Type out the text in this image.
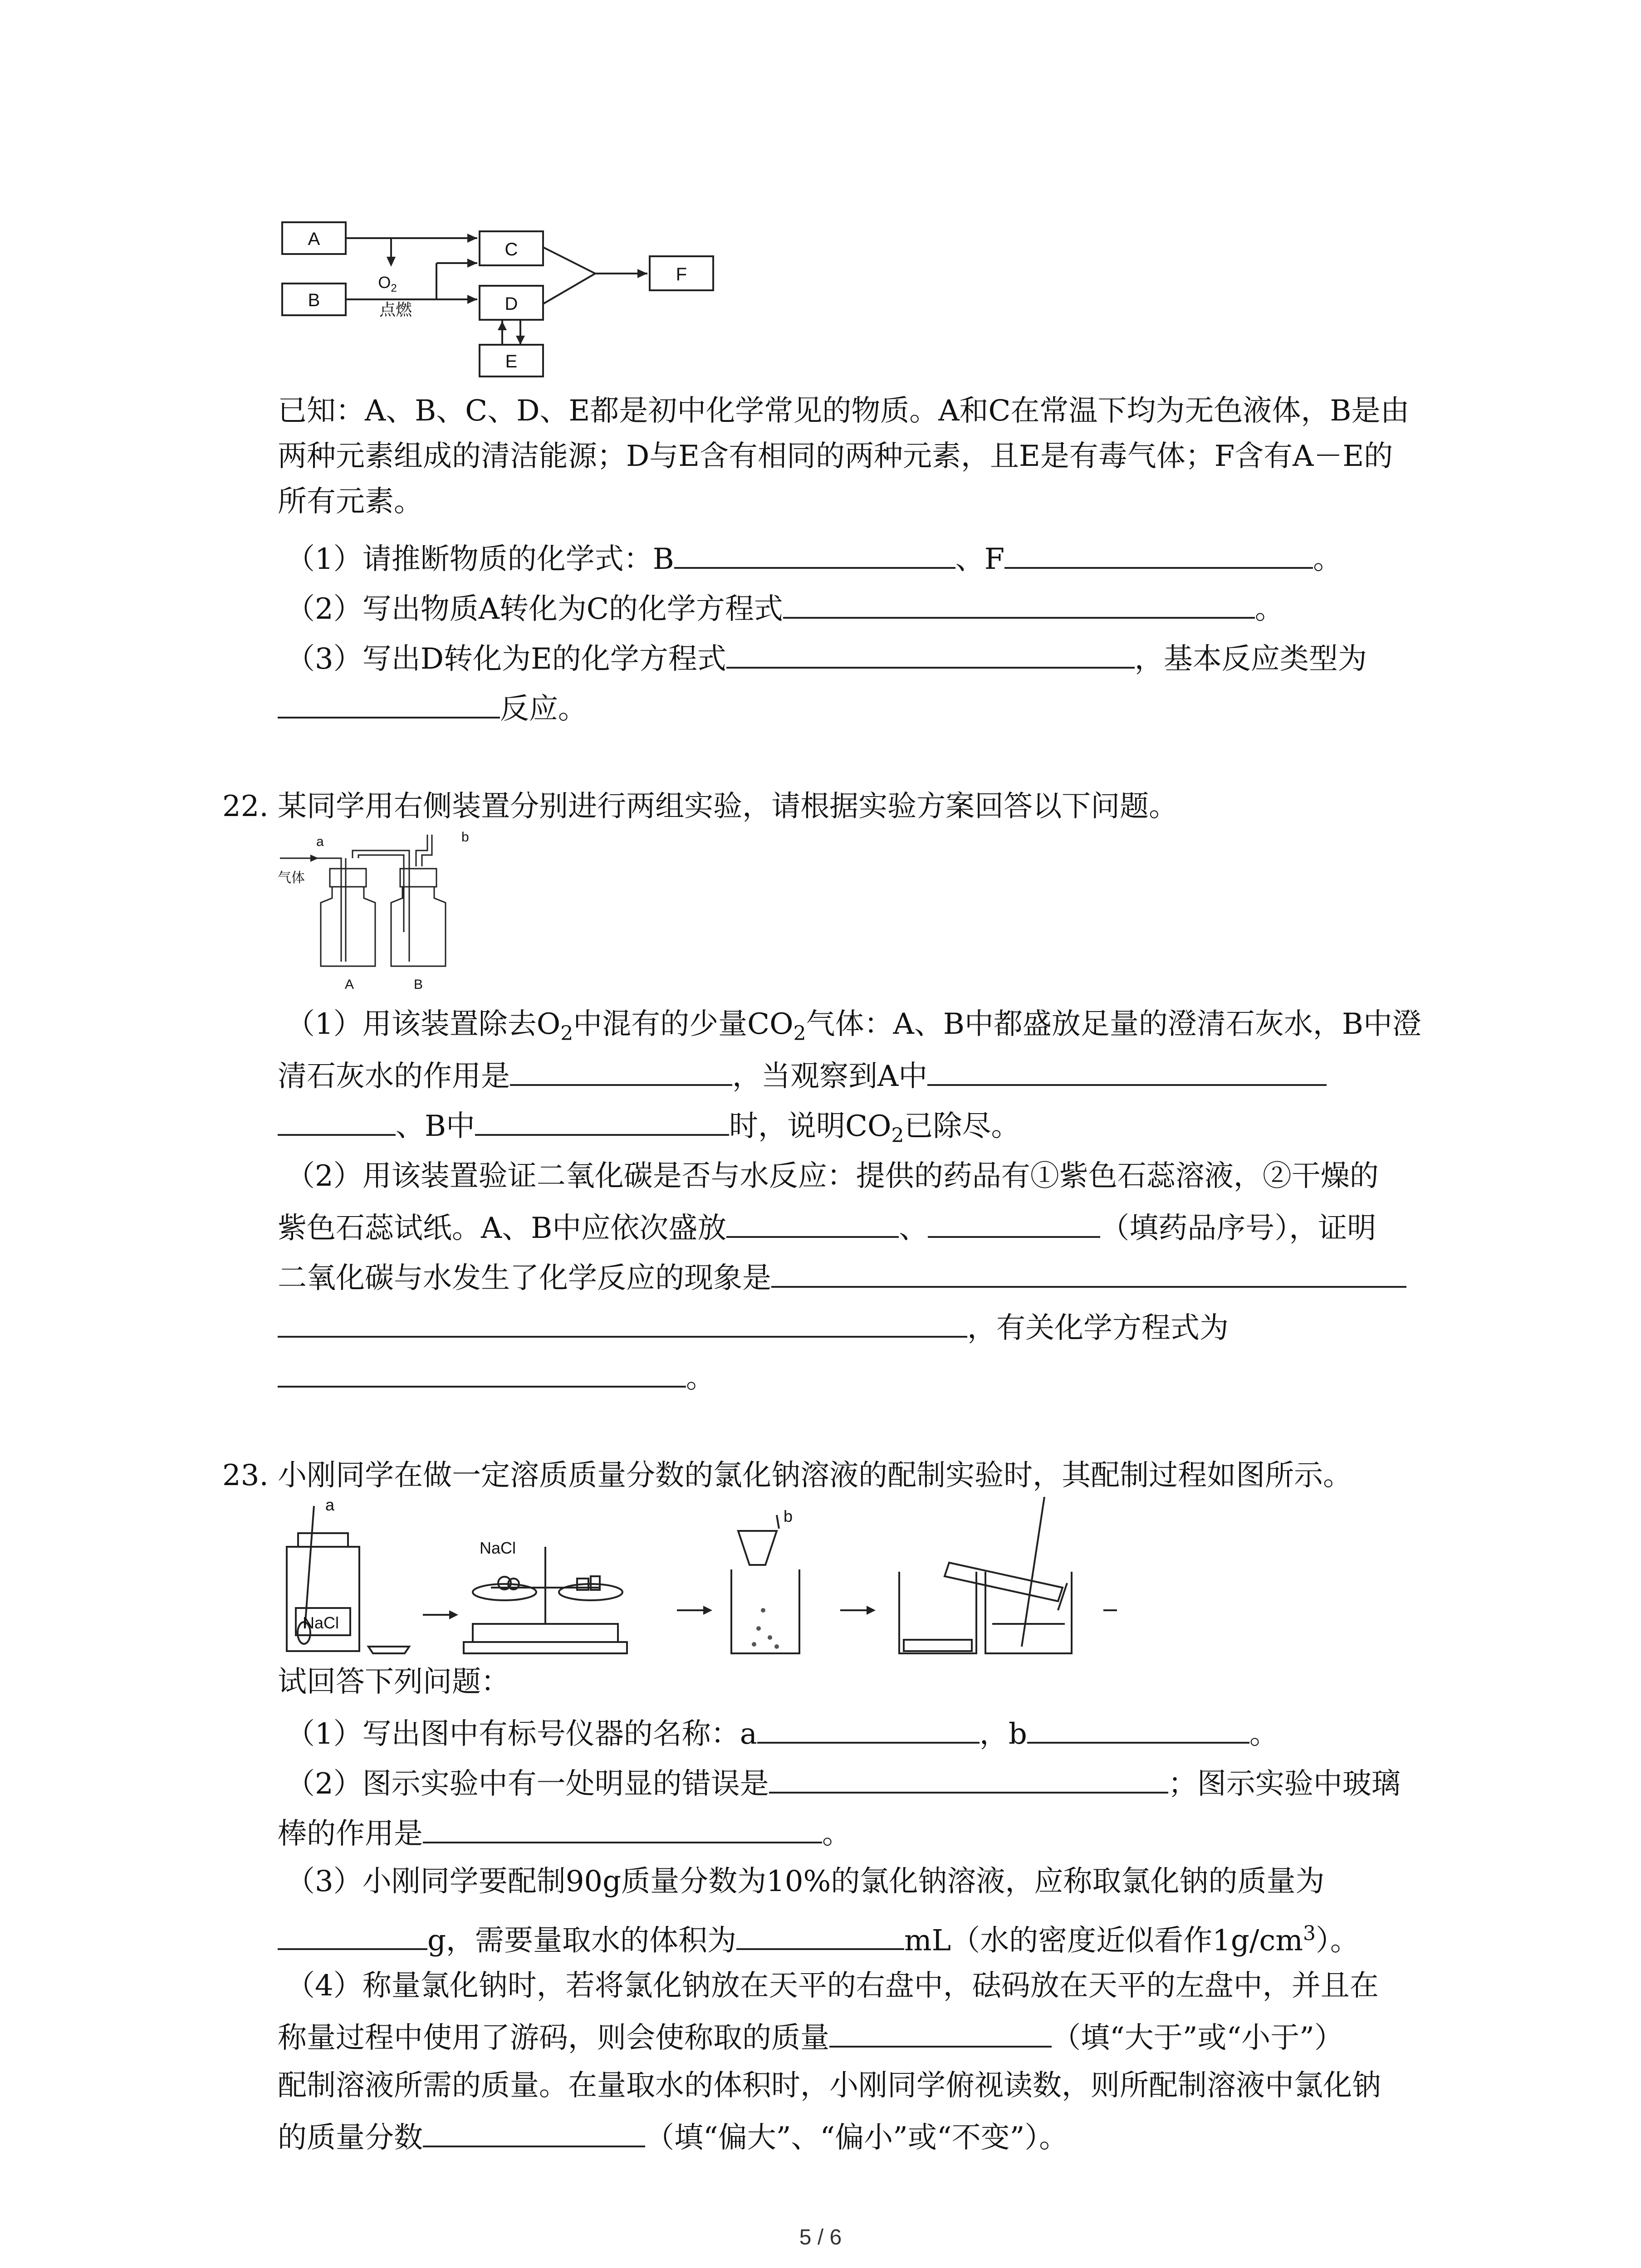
A
B
C
D
F
E
$O_2$
点燃
已知：A、B、C、D、E都是初中化学常见的物质。A和C在常温下均为无色液体，B是由
两种元素组成的清洁能源；D与E含有相同的两种元素，且E是有毒气体；F含有A－E的
所有元素。
（1）请推断物质的化学式：B	、F	。
（2）写出物质A转化为C的化学方程式	。
（3）写出D转化为E的化学方程式	，基本反应类型为
反应。
22. 某同学用右侧装置分别进行两组实验，请根据实验方案回答以下问题。
a	b
气体
A	B
（1）用该装置除去$O_2$中混有的少量$CO_2$气体：A、B中都盛放足量的澄清石灰水，B中澄
清石灰水的作用是	，当观察到A中
、B中	时，说明$CO_2$已除尽。
（2）用该装置验证二氧化碳是否与水反应：提供的药品有①紫色石蕊溶液，②干燥的
紫色石蕊试纸。A、B中应依次盛放	、	（填药品序号），证明
二氧化碳与水发生了化学反应的现象是
，有关化学方程式为
。
23. 小刚同学在做一定溶质质量分数的氯化钠溶液的配制实验时，其配制过程如图所示。
a
b
NaCl
NaCl
试回答下列问题：
（1）写出图中有标号仪器的名称：a	，b	。
（2）图示实验中有一处明显的错误是	；图示实验中玻璃
棒的作用是	。
（3）小刚同学要配制90g质量分数为10%的氯化钠溶液，应称取氯化钠的质量为
g，需要量取水的体积为	mL（水的密度近似看作$1g/cm^3$）。
（4）称量氯化钠时，若将氯化钠放在天平的右盘中，砝码放在天平的左盘中，并且在
称量过程中使用了游码，则会使称取的质量	（填“大于”或“小于”）
配制溶液所需的质量。在量取水的体积时，小刚同学俯视读数，则所配制溶液中氯化钠
的质量分数	（填“偏大”、“偏小”或“不变”）。
5 / 6
